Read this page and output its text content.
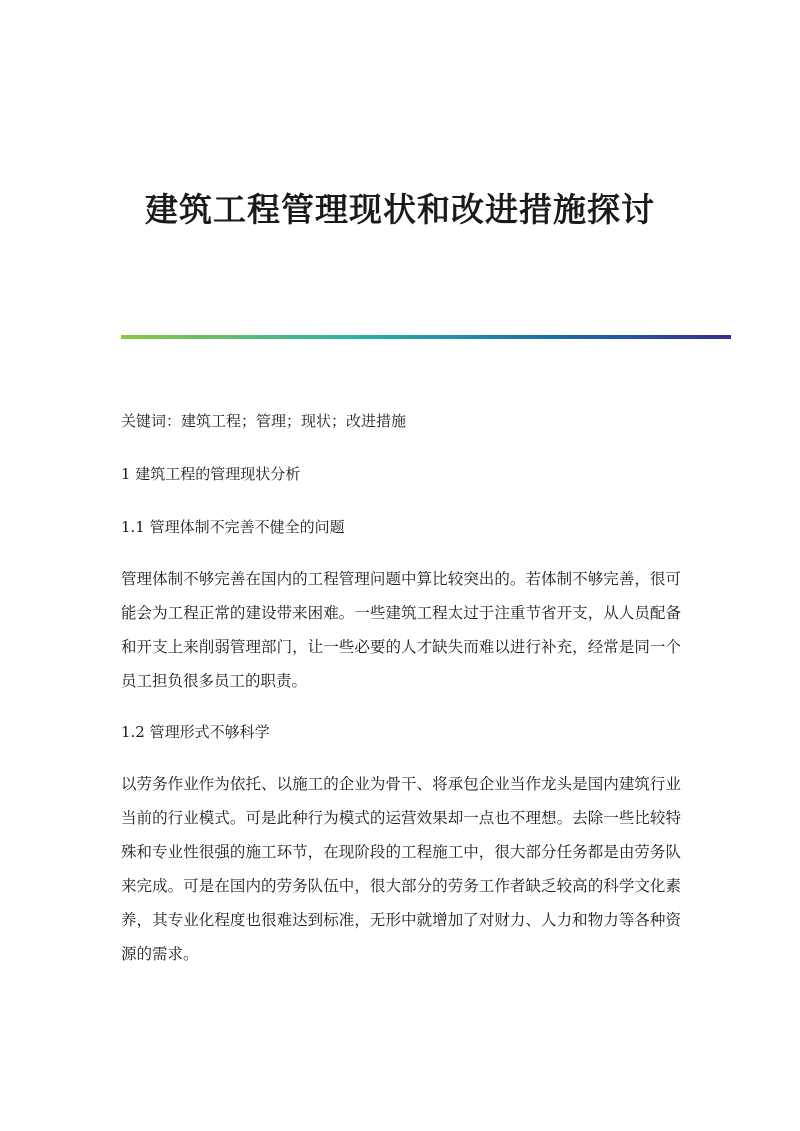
建筑工程管理现状和改进措施探讨

关键词：建筑工程；管理；现状；改进措施

1 建筑工程的管理现状分析
1.1 管理体制不完善不健全的问题

管理体制不够完善在国内的工程管理问题中算比较突出的。若体制不够完善，很可能会为工程正常的建设带来困难。一些建筑工程太过于注重节省开支，从人员配备和开支上来削弱管理部门，让一些必要的人才缺失而难以进行补充，经常是同一个员工担负很多员工的职责。

1.2 管理形式不够科学

以劳务作业作为依托、以施工的企业为骨干、将承包企业当作龙头是国内建筑行业当前的行业模式。可是此种行为模式的运营效果却一点也不理想。去除一些比较特殊和专业性很强的施工环节，在现阶段的工程施工中，很大部分任务都是由劳务队来完成。可是在国内的劳务队伍中，很大部分的劳务工作者缺乏较高的科学文化素养，其专业化程度也很难达到标准，无形中就增加了对财力、人力和物力等各种资源的需求。
